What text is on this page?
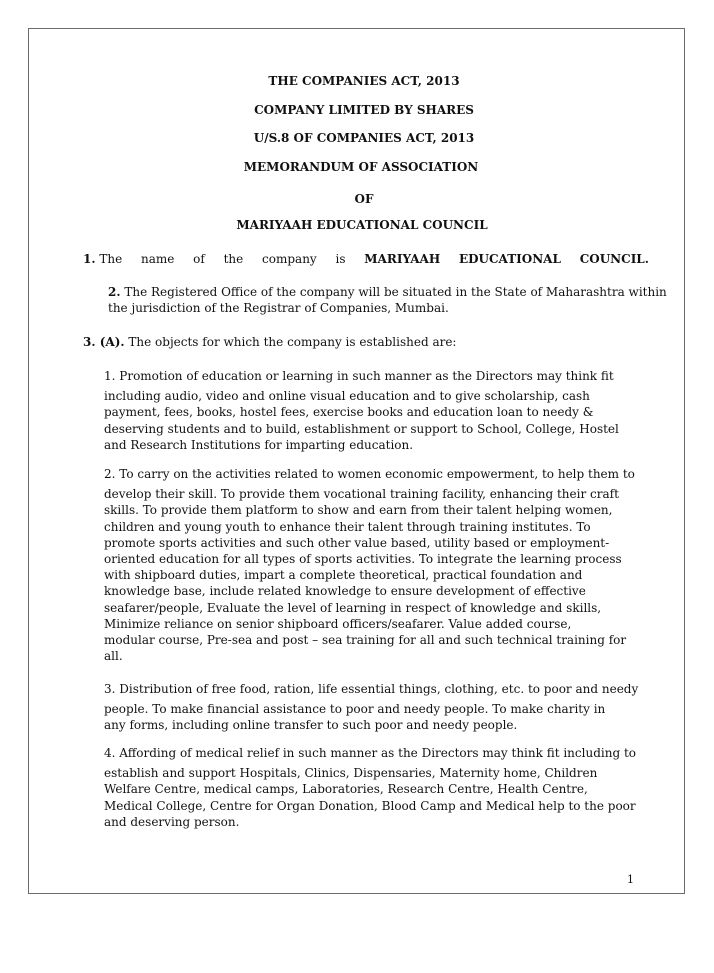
THE COMPANIES ACT, 2013
COMPANY LIMITED BY SHARES
U/S.8 OF COMPANIES ACT, 2013
MEMORANDUM OF ASSOCIATION
OF
MARIYAAH EDUCATIONAL COUNCIL
1. The name of the company is MARIYAAH EDUCATIONAL COUNCIL.
2. The Registered Office of the company will be situated in the State of Maharashtra within
the jurisdiction of the Registrar of Companies, Mumbai.
3. (A). The objects for which the company is established are:
1. Promotion of education or learning in such manner as the Directors may think fit
including audio, video and online visual education and to give scholarship, cash
payment, fees, books, hostel fees, exercise books and education loan to needy &
deserving students and to build, establishment or support to School, College, Hostel
and Research Institutions for imparting education.
2. To carry on the activities related to women economic empowerment, to help them to
develop their skill. To provide them vocational training facility, enhancing their craft
skills. To provide them platform to show and earn from their talent helping women,
children and young youth to enhance their talent through training institutes. To
promote sports activities and such other value based, utility based or employment-
oriented education for all types of sports activities. To integrate the learning process
with shipboard duties, impart a complete theoretical, practical foundation and
knowledge base, include related knowledge to ensure development of effective
seafarer/people, Evaluate the level of learning in respect of knowledge and skills,
Minimize reliance on senior shipboard officers/seafarer. Value added course,
modular course, Pre-sea and post – sea training for all and such technical training for
all.
3. Distribution of free food, ration, life essential things, clothing, etc. to poor and needy
people. To make financial assistance to poor and needy people. To make charity in
any forms, including online transfer to such poor and needy people.
4. Affording of medical relief in such manner as the Directors may think fit including to
establish and support Hospitals, Clinics, Dispensaries, Maternity home, Children
Welfare Centre, medical camps, Laboratories, Research Centre, Health Centre,
Medical College, Centre for Organ Donation, Blood Camp and Medical help to the poor
and deserving person.
1
